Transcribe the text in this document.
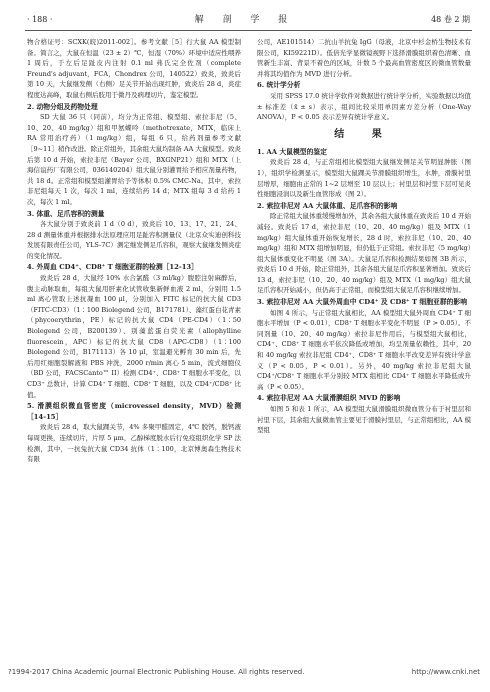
· 188 ·	解 剖 学 报	48 卷 2 期

物合格证号：SCXK(皖)2011-002］。参考文献［5］行大鼠 AA 模型制备。简言之，大鼠在恒温（23 ± 2）℃，恒湿（70%）环境中适应性喂养 1 周后，于左后足趾皮内注射 0.1 ml 弗氏完全佐剂（complete Freund's adjuvant，FCA，Chondrex 公司，140522）致炎，致炎后第 10 天，大鼠继发侧（右侧）足关节开始出现红肿，致炎后 28 d，炎症程度达高峰，取鼠右侧后肢用于微丹及病理切片，鉴定模型。

2. 动物分组及药物处理

SD 大鼠 36 只（同前），均分为正常组、模型组、索拉非尼（5、10、20、40 mg/kg）组和甲氨蝶呤（methotrexate，MTX，临床上 RA 常用治疗药）（1 mg/kg）组，每组 6 只，给药剂量参考文献［9~11］稍作改进。除正常组外，其余组大鼠均制备 AA 大鼠模型。致炎后第 10 d 开始，索拉非尼（Bayer 公司，BXGNP21）组和 MTX（上海信谊药厂有限公司，036140204）组大鼠分别灌胃给予相应剂量药物，共 18 d。正常组和模型组灌胃给予等体积 0.5% CMC-Na。其中，索拉非尼组每天 1 次，每次 1 ml，连续给药 14 d；MTX 组每 3 d 给药 1 次，每次 1 ml。

3. 体重、足爪容积的测量

各大鼠分别于致炎前 1 d（0 d），致炎后 10、13、17、21、24、28 d 测量体重并根据排水法原理应用足趾容积测量仪（北京众实迪创科技发展有限责任公司，YLS-7C）测定继发侧足爪容积，观察大鼠继发侧炎症的变化情况。

4. 外周血 CD4⁺、CD8⁺ T 细胞亚群的检测［12-13］

致炎后 28 d，大鼠经 10% 水合氯醛（3 ml/kg）腹腔注射麻醉后，腹主动脉取血，每组大鼠用肝素化试管收集新鲜血液 2 ml，分别用 1.5 ml 离心管取上述抗凝血 100 μl，分别加入 FITC 标记的抗大鼠 CD3（FITC-CD3）（1∶100 Biolegend 公司，B171781）、藻红蛋白花青素（phycoerythrin，PE）标记的抗大鼠 CD4（PE-CD4）（1∶50 Biolegend 公司，B200139）、别藻蓝蛋白荧光素（allophylline fluorescein，APC）标记的抗大鼠 CD8（APC-CD8）（1∶100 Biolegend 公司，B171113）各 10 μl，室温避光孵育 30 min 后，先后用红细胞裂解液和 PBS 冲洗，2000 r/min 离心 5 min，流式细胞仪（BD 公司，FACSCanto™ II）检测 CD4⁺、CD8⁺ T 细胞水平变化，以 CD3⁺ 总数计，计算 CD4⁺ T 细胞、CD8⁺ T 细胞，以及 CD4⁺/CD8⁺ 比值。

5. 滑膜组织微血管密度（microvessel density，MVD）检测［14-15］

致炎后 28 d，取大鼠踝关节，4% 多聚甲醛固定，4℃ 脱钙，脱钙液每周更换，连续切片，片厚 5 μm，乙醇梯度脱水后行免疫组织化学 SP 法检测，其中，一抗兔抗大鼠 CD34 抗体（1∶100，北京博奥森生物技术有限

公司，AE101514）二抗山羊抗兔 IgG（母液，北京中杉金桥生物技术有限公司，KI59221D）。低倍光学显微镜视野下选择滑膜组织着色清晰、血管新生丰富、背景不着色的区域，计数 5 个最高血管密度区的微血管数量并将其均值作为 MVD 进行分析。

6. 统计学分析

采用 SPSS 17.0 统计学软件对数据进行统计学分析，实验数据以均值 ± 标准差（x̄ ± s）表示，组间比较采用单因素方差分析（One-Way ANOVA），P < 0.05 表示差异有统计学意义。

结 果

1. AA 大鼠模型的鉴定

致炎后 28 d，与正常组相比模型组大鼠继发侧足关节明显肿胀（图 1），组织学检测显示，模型组大鼠踝关节滑膜组织增生，水肿，滑膜衬里层增厚，细胞由正常的 1~2 层增至 10 层以上；衬里层和衬里下层可见炎性细胞浸润以及新生血管形成（图 2）。

2. 索拉非尼对 AA 大鼠体重、足爪容积的影响

除正常组大鼠体重缓慢增加外，其余各组大鼠体重在致炎后 10 d 开始减轻。致炎后 17 d，索拉非尼（10、20、40 mg/kg）组及 MTX（1 mg/kg）组大鼠体重开始恢复增长，28 d 时，索拉非尼（10、20、40 mg/kg）组和 MTX 组增加明显，但仍低于正常组。索拉非尼（5 mg/kg）组大鼠体重变化不明显（图 3A）。大鼠足爪容积检测结果如图 3B 所示，致炎后 10 d 开始，除正常组外，其余各组大鼠足爪容积显著增加。致炎后 13 d，索拉非尼（10、20、40 mg/kg）组及 MTX（1 mg/kg）组大鼠足爪容积开始减小，但仍高于正常组，而模型组大鼠足爪容积继续增加。

3. 索拉非尼对 AA 大鼠外周血中 CD4⁺ 及 CD8⁺ T 细胞亚群的影响

如图 4 所示，与正常组大鼠相比，AA 模型组大鼠外周血 CD4⁺ T 细胞水平增加（P < 0.01），CD8⁺ T 细胞水平变化不明显（P > 0.05）。不同剂量（10、20、40 mg/kg）索拉非尼作用后，与模型组大鼠相比，CD4⁺、CD8⁺ T 细胞水平依次降低或增加，均呈剂量依赖性，其中，20 和 40 mg/kg 索拉非尼组 CD4⁺、CD8⁺ T 细胞水平改变差异有统计学意义（P < 0.05，P < 0.01）。另外，40 mg/kg 索拉非尼组大鼠 CD4⁺/CD8⁺ T 细胞水平分别较 MTX 组相比 CD4⁺ T 细胞水平降低或升高（P < 0.05）。

4. 索拉非尼对 AA 大鼠滑膜组织 MVD 的影响

如图 5 和表 1 所示，AA 模型组大鼠滑膜组织微血管分布于衬里层和衬里下层，其余组大鼠微血管主要见于滑膜衬里层，与正常组相比，AA 模型组

?1994-2017 China Academic Journal Electronic Publishing House. All rights reserved.	http://www.cnki.net
